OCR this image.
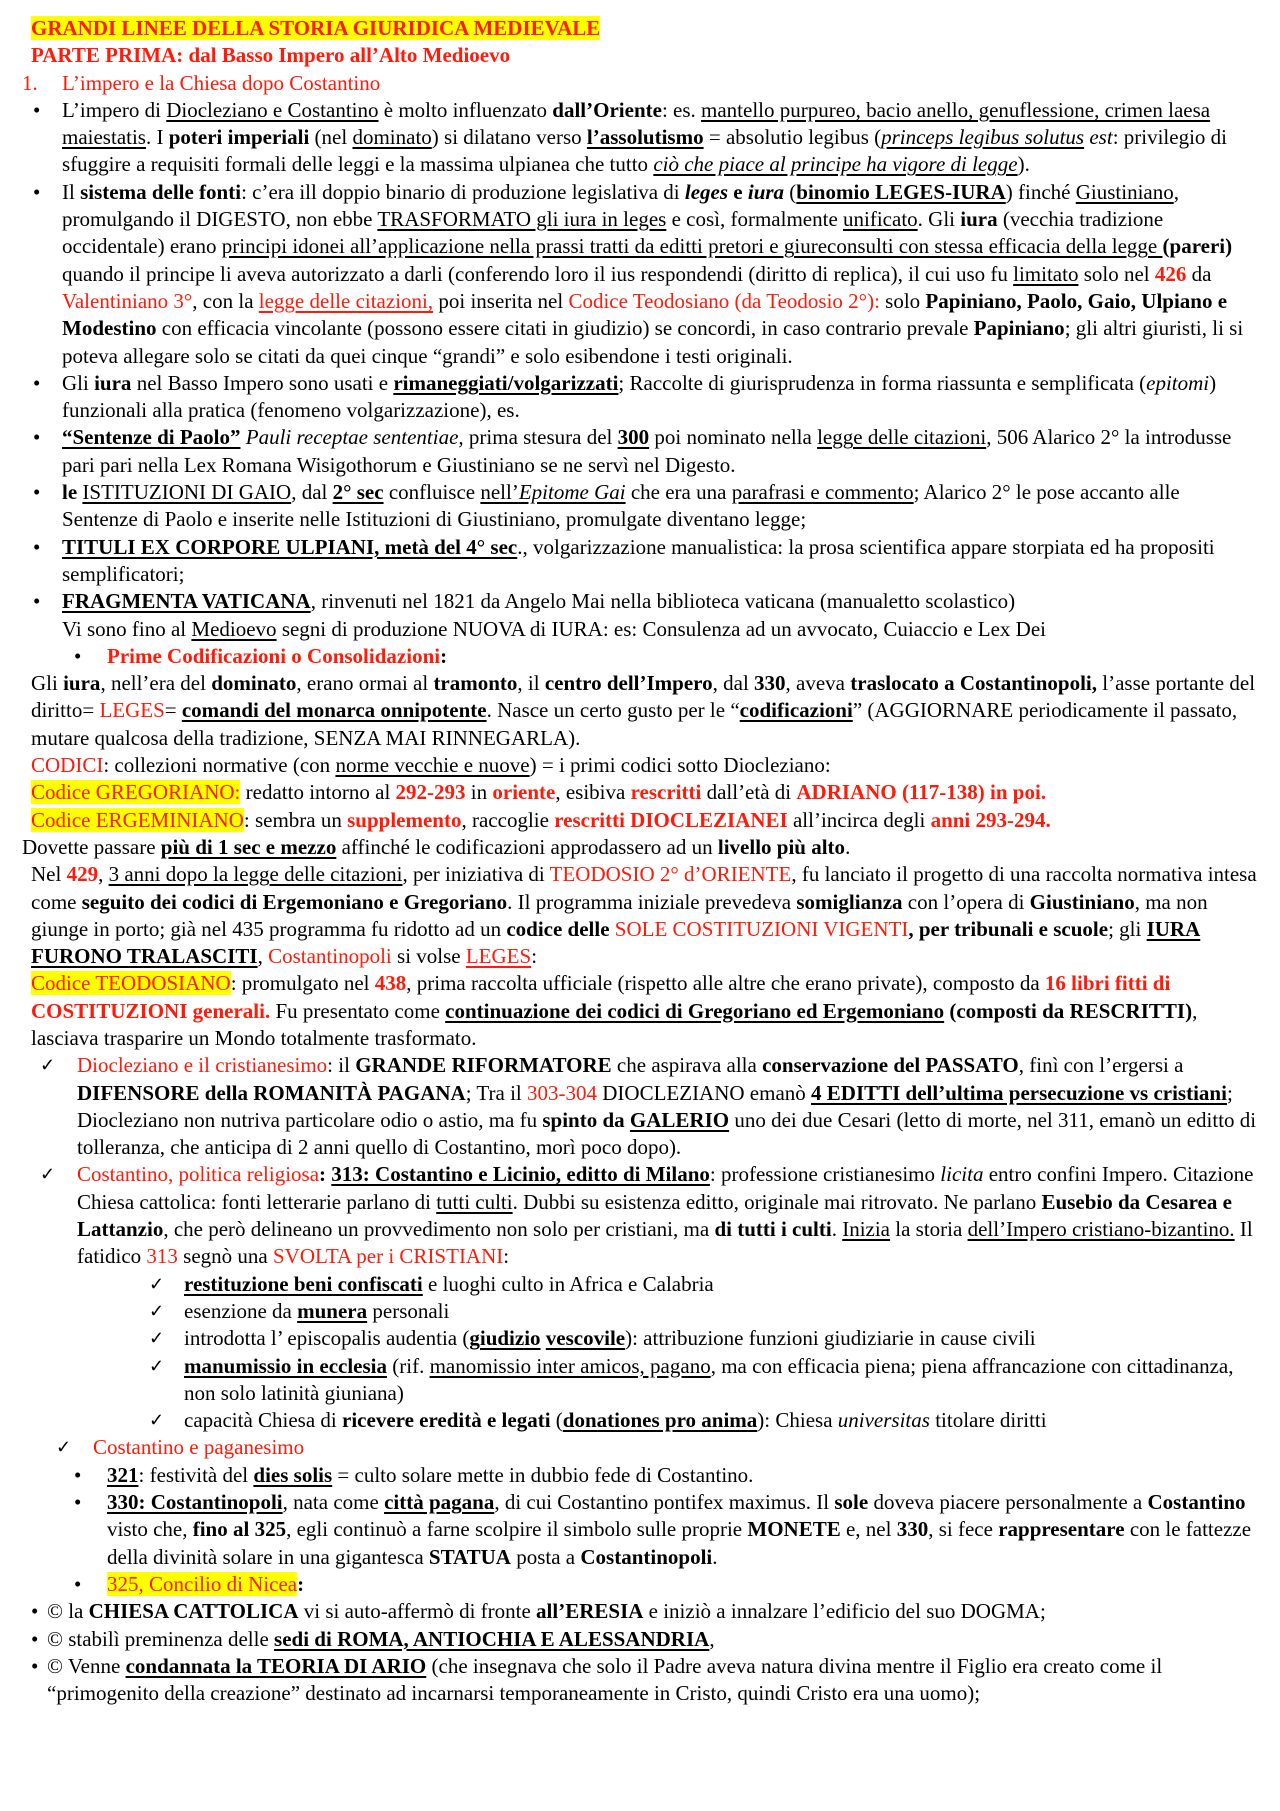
GRANDI LINEE DELLA STORIA GIURIDICA MEDIEVALE
PARTE PRIMA: dal Basso Impero all’Alto Medioevo
1. L’impero e la Chiesa dopo Costantino
• L’impero di Diocleziano e Costantino è molto influenzato dall’Oriente: es. mantello purpureo, bacio anello, genuflessione, crimen laesa maiestatis. I poteri imperiali (nel dominato) si dilatano verso l’assolutismo = absolutio legibus (princeps legibus solutus est: privilegio di sfuggire a requisiti formali delle leggi e la massima ulpianea che tutto ciò che piace al principe ha vigore di legge).
• Il sistema delle fonti: c’era ill doppio binario di produzione legislativa di leges e iura (binomio LEGES-IURA) finché Giustiniano, promulgando il DIGESTO, non ebbe TRASFORMATO gli iura in leges e così, formalmente unificato. Gli iura (vecchia tradizione occidentale) erano principi idonei all’applicazione nella prassi tratti da editti pretori e giureconsulti con stessa efficacia della legge (pareri) quando il principe li aveva autorizzato a darli (conferendo loro il ius respondendi (diritto di replica), il cui uso fu limitato solo nel 426 da Valentiniano 3°, con la legge delle citazioni, poi inserita nel Codice Teodosiano (da Teodosio 2°): solo Papiniano, Paolo, Gaio, Ulpiano e Modestino con efficacia vincolante (possono essere citati in giudizio) se concordi, in caso contrario prevale Papiniano; gli altri giuristi, li si poteva allegare solo se citati da quei cinque “grandi” e solo esibendone i testi originali.
• Gli iura nel Basso Impero sono usati e rimaneggiati/volgarizzati; Raccolte di giurisprudenza in forma riassunta e semplificata (epitomi) funzionali alla pratica (fenomeno volgarizzazione), es.
• “Sentenze di Paolo” Pauli receptae sententiae, prima stesura del 300 poi nominato nella legge delle citazioni, 506 Alarico 2° la introdusse pari pari nella Lex Romana Wisigothorum e Giustiniano se ne servì nel Digesto.
• le ISTITUZIONI DI GAIO, dal 2° sec confluisce nell’Epitome Gai che era una parafrasi e commento; Alarico 2° le pose accanto alle Sentenze di Paolo e inserite nelle Istituzioni di Giustiniano, promulgate diventano legge;
• TITULI EX CORPORE ULPIANI, metà del 4° sec., volgarizzazione manualistica: la prosa scientifica appare storpiata ed ha propositi semplificatori;
• FRAGMENTA VATICANA, rinvenuti nel 1821 da Angelo Mai nella biblioteca vaticana (manualetto scolastico)
Vi sono fino al Medioevo segni di produzione NUOVA di IURA: es: Consulenza ad un avvocato, Cuiaccio e Lex Dei
• Prime Codificazioni o Consolidazioni:
Gli iura, nell’era del dominato, erano ormai al tramonto, il centro dell’Impero, dal 330, aveva traslocato a Costantinopoli, l’asse portante del diritto= LEGES= comandi del monarca onnipotente. Nasce un certo gusto per le “codificazioni” (AGGIORNARE periodicamente il passato, mutare qualcosa della tradizione, SENZA MAI RINNEGARLA).
CODICI: collezioni normative (con norme vecchie e nuove) = i primi codici sotto Diocleziano:
Codice GREGORIANO: redatto intorno al 292-293 in oriente, esibiva rescritti dall’età di ADRIANO (117-138) in poi.
Codice ERGEMINIANO: sembra un supplemento, raccoglie rescritti DIOCLEZIANEI all’incirca degli anni 293-294.
Dovette passare più di 1 sec e mezzo affinché le codificazioni approdassero ad un livello più alto.
Nel 429, 3 anni dopo la legge delle citazioni, per iniziativa di TEODOSIO 2° d’ORIENTE, fu lanciato il progetto di una raccolta normativa intesa come seguito dei codici di Ergemoniano e Gregoriano. Il programma iniziale prevedeva somiglianza con l’opera di Giustiniano, ma non giunge in porto; già nel 435 programma fu ridotto ad un codice delle SOLE COSTITUZIONI VIGENTI, per tribunali e scuole; gli IURA FURONO TRALASCITI, Costantinopoli si volse LEGES:
Codice TEODOSIANO: promulgato nel 438, prima raccolta ufficiale (rispetto alle altre che erano private), composto da 16 libri fitti di COSTITUZIONI generali. Fu presentato come continuazione dei codici di Gregoriano ed Ergemoniano (composti da RESCRITTI), lasciava trasparire un Mondo totalmente trasformato.
✓ Diocleziano e il cristianesimo: il GRANDE RIFORMATORE che aspirava alla conservazione del PASSATO, finì con l’ergersi a DIFENSORE della ROMANITÀ PAGANA; Tra il 303-304 DIOCLEZIANO emanò 4 EDITTI dell’ultima persecuzione vs cristiani; Diocleziano non nutriva particolare odio o astio, ma fu spinto da GALERIO uno dei due Cesari (letto di morte, nel 311, emanò un editto di tolleranza, che anticipa di 2 anni quello di Costantino, morì poco dopo).
✓ Costantino, politica religiosa: 313: Costantino e Licinio, editto di Milano: professione cristianesimo licita entro confini Impero. Citazione Chiesa cattolica: fonti letterarie parlano di tutti culti. Dubbi su esistenza editto, originale mai ritrovato. Ne parlano Eusebio da Cesarea e Lattanzio, che però delineano un provvedimento non solo per cristiani, ma di tutti i culti. Inizia la storia dell’Impero cristiano-bizantino. Il fatidico 313 segnò una SVOLTA per i CRISTIANI:
✓ restituzione beni confiscati e luoghi culto in Africa e Calabria
✓ esenzione da munera personali
✓ introdotta l’ episcopalis audentia (giudizio vescovile): attribuzione funzioni giudiziarie in cause civili
✓ manumissio in ecclesia (rif. manomissio inter amicos, pagano, ma con efficacia piena; piena affrancazione con cittadinanza, non solo latinità giuniana)
✓ capacità Chiesa di ricevere eredità e legati (donationes pro anima): Chiesa universitas titolare diritti
✓ Costantino e paganesimo
• 321: festività del dies solis = culto solare mette in dubbio fede di Costantino.
• 330: Costantinopoli, nata come città pagana, di cui Costantino pontifex maximus. Il sole doveva piacere personalmente a Costantino visto che, fino al 325, egli continuò a farne scolpire il simbolo sulle proprie MONETE e, nel 330, si fece rappresentare con le fattezze della divinità solare in una gigantesca STATUA posta a Costantinopoli.
• 325, Concilio di Nicea:
• © la CHIESA CATTOLICA vi si auto-affermò di fronte all’ERESIA e iniziò a innalzare l’edificio del suo DOGMA;
• © stabilì preminenza delle sedi di ROMA, ANTIOCHIA E ALESSANDRIA,
• © Venne condannata la TEORIA DI ARIO (che insegnava che solo il Padre aveva natura divina mentre il Figlio era creato come il “primogenito della creazione” destinato ad incarnarsi temporaneamente in Cristo, quindi Cristo era una uomo);
